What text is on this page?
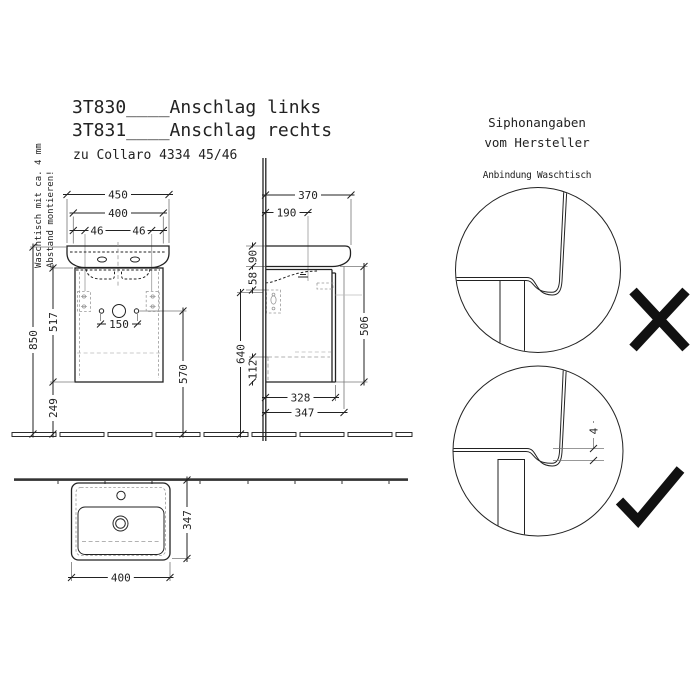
3T830____Anschlag links
3T831____Anschlag rechts
zu Collaro 4334 45/46
Waschtisch mit ca. 4 mm Abstand montieren!	450
400
46	46
150
850
517
249
570
370
190
90
58
640
506
112
328
347
347
400
Siphonangaben
vom Hersteller
Anbindung Waschtisch
4
